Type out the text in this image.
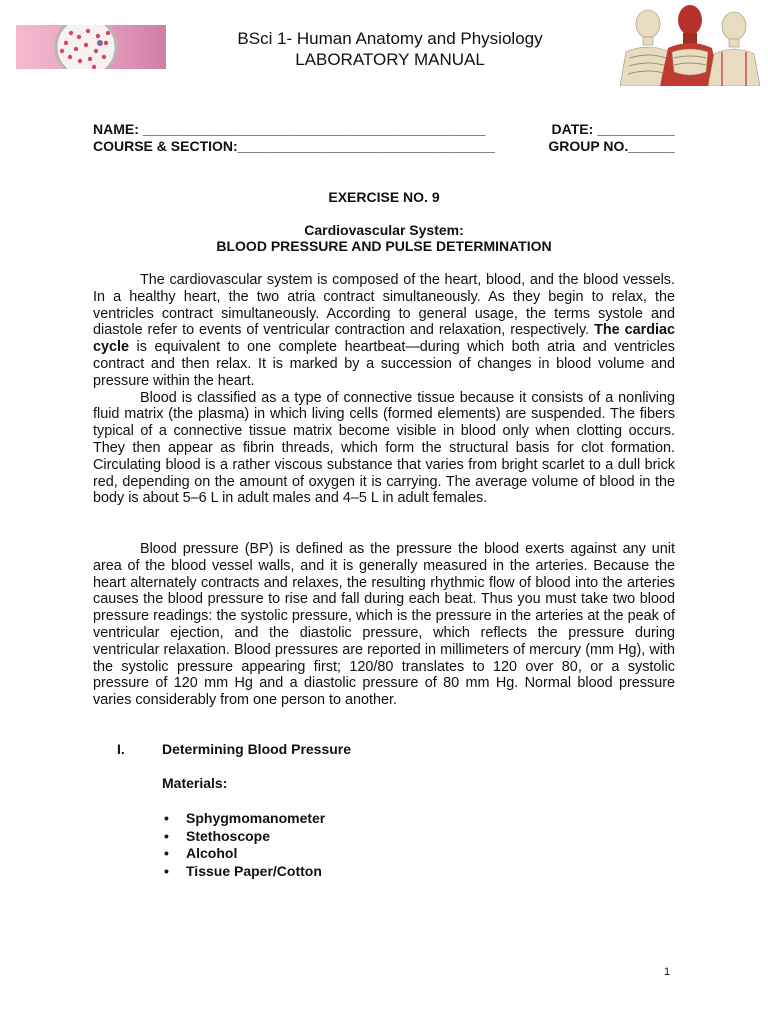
BSci 1- Human Anatomy and Physiology
LABORATORY MANUAL
NAME: ____________________________________________	DATE: __________
COURSE & SECTION:_________________________________	GROUP NO.______
EXERCISE NO. 9
Cardiovascular System:
BLOOD PRESSURE AND PULSE DETERMINATION

The cardiovascular system is composed of the heart, blood, and the blood vessels. In a healthy heart, the two atria contract simultaneously. As they begin to relax, the ventricles contract simultaneously. According to general usage, the terms systole and diastole refer to events of ventricular contraction and relaxation, respectively. The cardiac cycle is equivalent to one complete heartbeat—during which both atria and ventricles contract and then relax. It is marked by a succession of changes in blood volume and pressure within the heart.

Blood is classified as a type of connective tissue because it consists of a nonliving fluid matrix (the plasma) in which living cells (formed elements) are suspended. The fibers typical of a connective tissue matrix become visible in blood only when clotting occurs. They then appear as fibrin threads, which form the structural basis for clot formation. Circulating blood is a rather viscous substance that varies from bright scarlet to a dull brick red, depending on the amount of oxygen it is carrying. The average volume of blood in the body is about 5–6 L in adult males and 4–5 L in adult females.

Blood pressure (BP) is defined as the pressure the blood exerts against any unit area of the blood vessel walls, and it is generally measured in the arteries. Because the heart alternately contracts and relaxes, the resulting rhythmic flow of blood into the arteries causes the blood pressure to rise and fall during each beat. Thus you must take two blood pressure readings: the systolic pressure, which is the pressure in the arteries at the peak of ventricular ejection, and the diastolic pressure, which reflects the pressure during ventricular relaxation. Blood pressures are reported in millimeters of mercury (mm Hg), with the systolic pressure appearing first; 120/80 translates to 120 over 80, or a systolic pressure of 120 mm Hg and a diastolic pressure of 80 mm Hg. Normal blood pressure varies considerably from one person to another.

I.	Determining Blood Pressure
Materials:
• Sphygmomanometer
• Stethoscope
• Alcohol
• Tissue Paper/Cotton
1
